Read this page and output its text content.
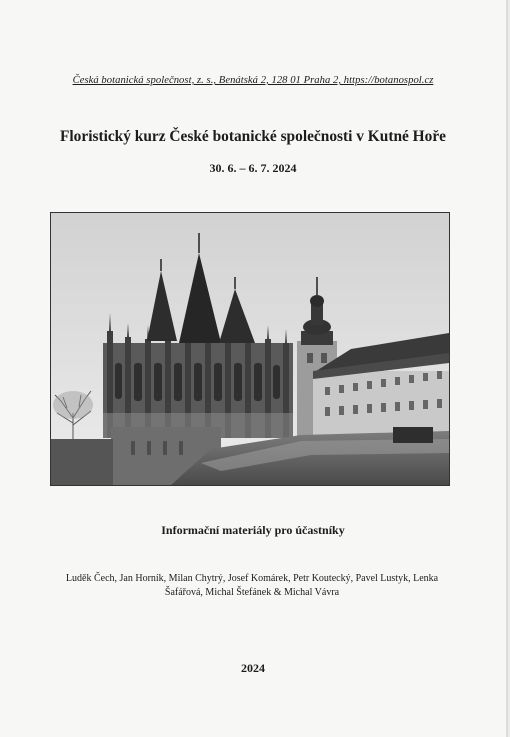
Česká botanická společnost, z. s., Benátská 2, 128 01 Praha 2, https://botanospol.cz
Floristický kurz České botanické společnosti v Kutné Hoře
30. 6. – 6. 7. 2024
Informační materiály pro účastníky
Luděk Čech, Jan Horník, Milan Chytrý, Josef Komárek, Petr Koutecký, Pavel Lustyk, Lenka Šafářová, Michal Štefánek & Michal Vávra
2024
